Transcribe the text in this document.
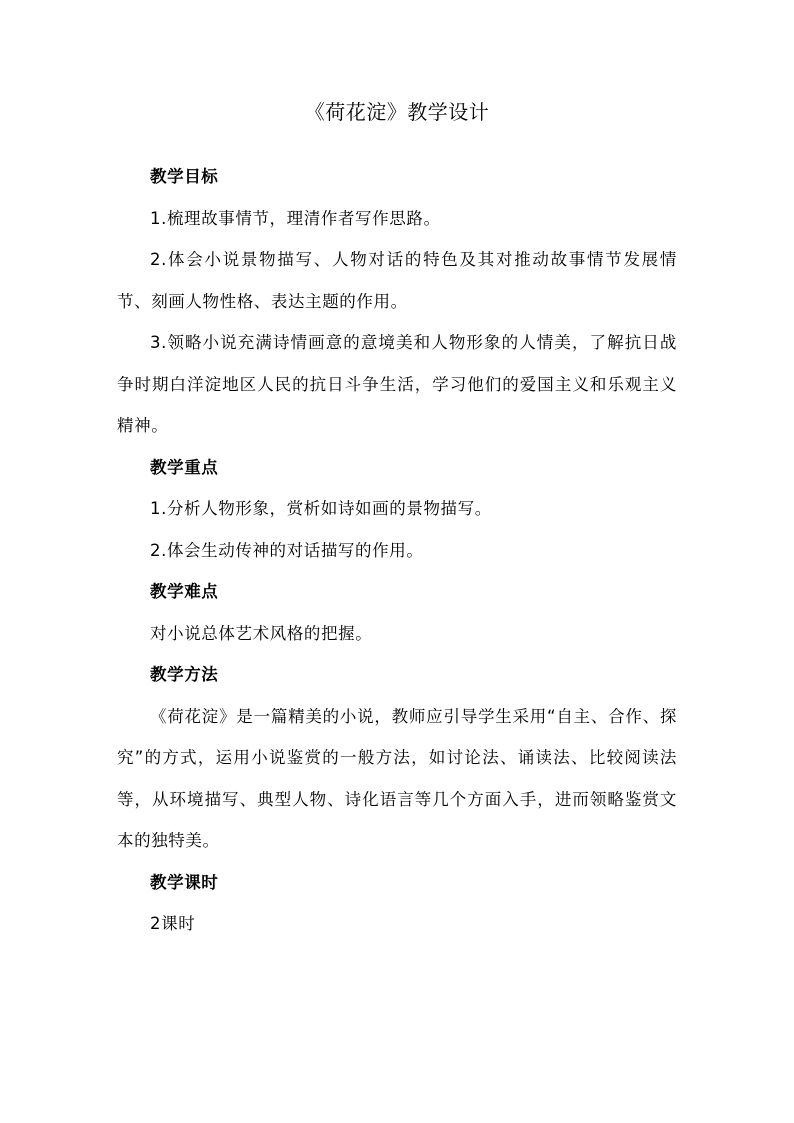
《荷花淀》教学设计

教学目标

1.梳理故事情节，理清作者写作思路。

2.体会小说景物描写、人物对话的特色及其对推动故事情节发展情节、刻画人物性格、表达主题的作用。

3.领略小说充满诗情画意的意境美和人物形象的人情美，了解抗日战争时期白洋淀地区人民的抗日斗争生活，学习他们的爱国主义和乐观主义精神。

教学重点

1.分析人物形象，赏析如诗如画的景物描写。

2.体会生动传神的对话描写的作用。

教学难点

对小说总体艺术风格的把握。

教学方法

《荷花淀》是一篇精美的小说，教师应引导学生采用“自主、合作、探究”的方式，运用小说鉴赏的一般方法，如讨论法、诵读法、比较阅读法等，从环境描写、典型人物、诗化语言等几个方面入手，进而领略鉴赏文本的独特美。

教学课时

2课时
